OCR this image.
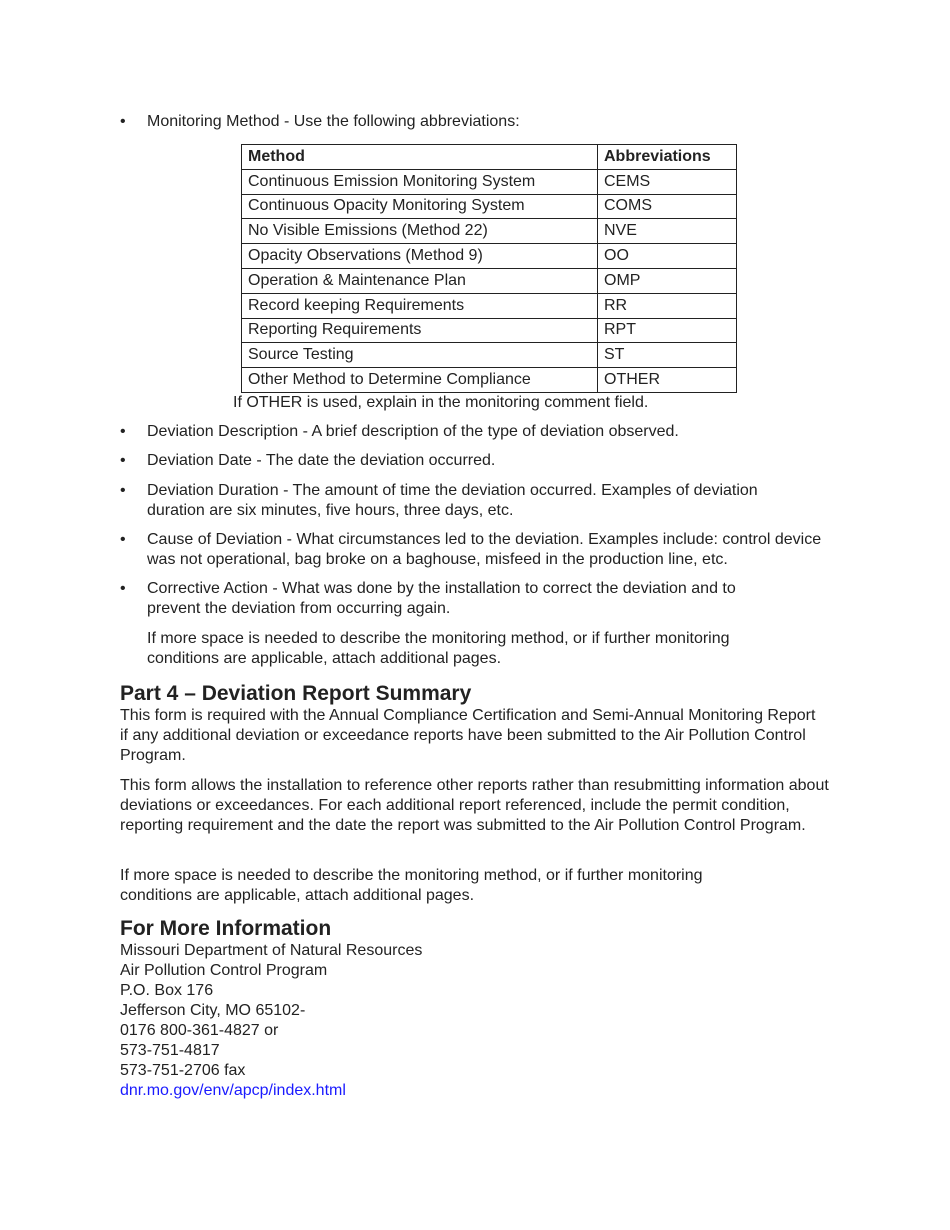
• Monitoring Method - Use the following abbreviations:
Method	Abbreviations
Continuous Emission Monitoring System	CEMS
Continuous Opacity Monitoring System	COMS
No Visible Emissions (Method 22)	NVE
Opacity Observations (Method 9)	OO
Operation & Maintenance Plan	OMP
Record keeping Requirements	RR
Reporting Requirements	RPT
Source Testing	ST
Other Method to Determine Compliance	OTHER
If OTHER is used, explain in the monitoring comment field.
• Deviation Description - A brief description of the type of deviation observed.
• Deviation Date - The date the deviation occurred.
• Deviation Duration - The amount of time the deviation occurred. Examples of deviation duration are six minutes, five hours, three days, etc.
• Cause of Deviation - What circumstances led to the deviation. Examples include: control device was not operational, bag broke on a baghouse, misfeed in the production line, etc.
• Corrective Action - What was done by the installation to correct the deviation and to prevent the deviation from occurring again.
If more space is needed to describe the monitoring method, or if further monitoring conditions are applicable, attach additional pages.
Part 4 – Deviation Report Summary
This form is required with the Annual Compliance Certification and Semi-Annual Monitoring Report if any additional deviation or exceedance reports have been submitted to the Air Pollution Control Program.
This form allows the installation to reference other reports rather than resubmitting information about deviations or exceedances. For each additional report referenced, include the permit condition, reporting requirement and the date the report was submitted to the Air Pollution Control Program.
If more space is needed to describe the monitoring method, or if further monitoring conditions are applicable, attach additional pages.
For More Information
Missouri Department of Natural Resources
Air Pollution Control Program
P.O. Box 176
Jefferson City, MO 65102-
0176 800-361-4827 or
573-751-4817
573-751-2706 fax
dnr.mo.gov/env/apcp/index.html
